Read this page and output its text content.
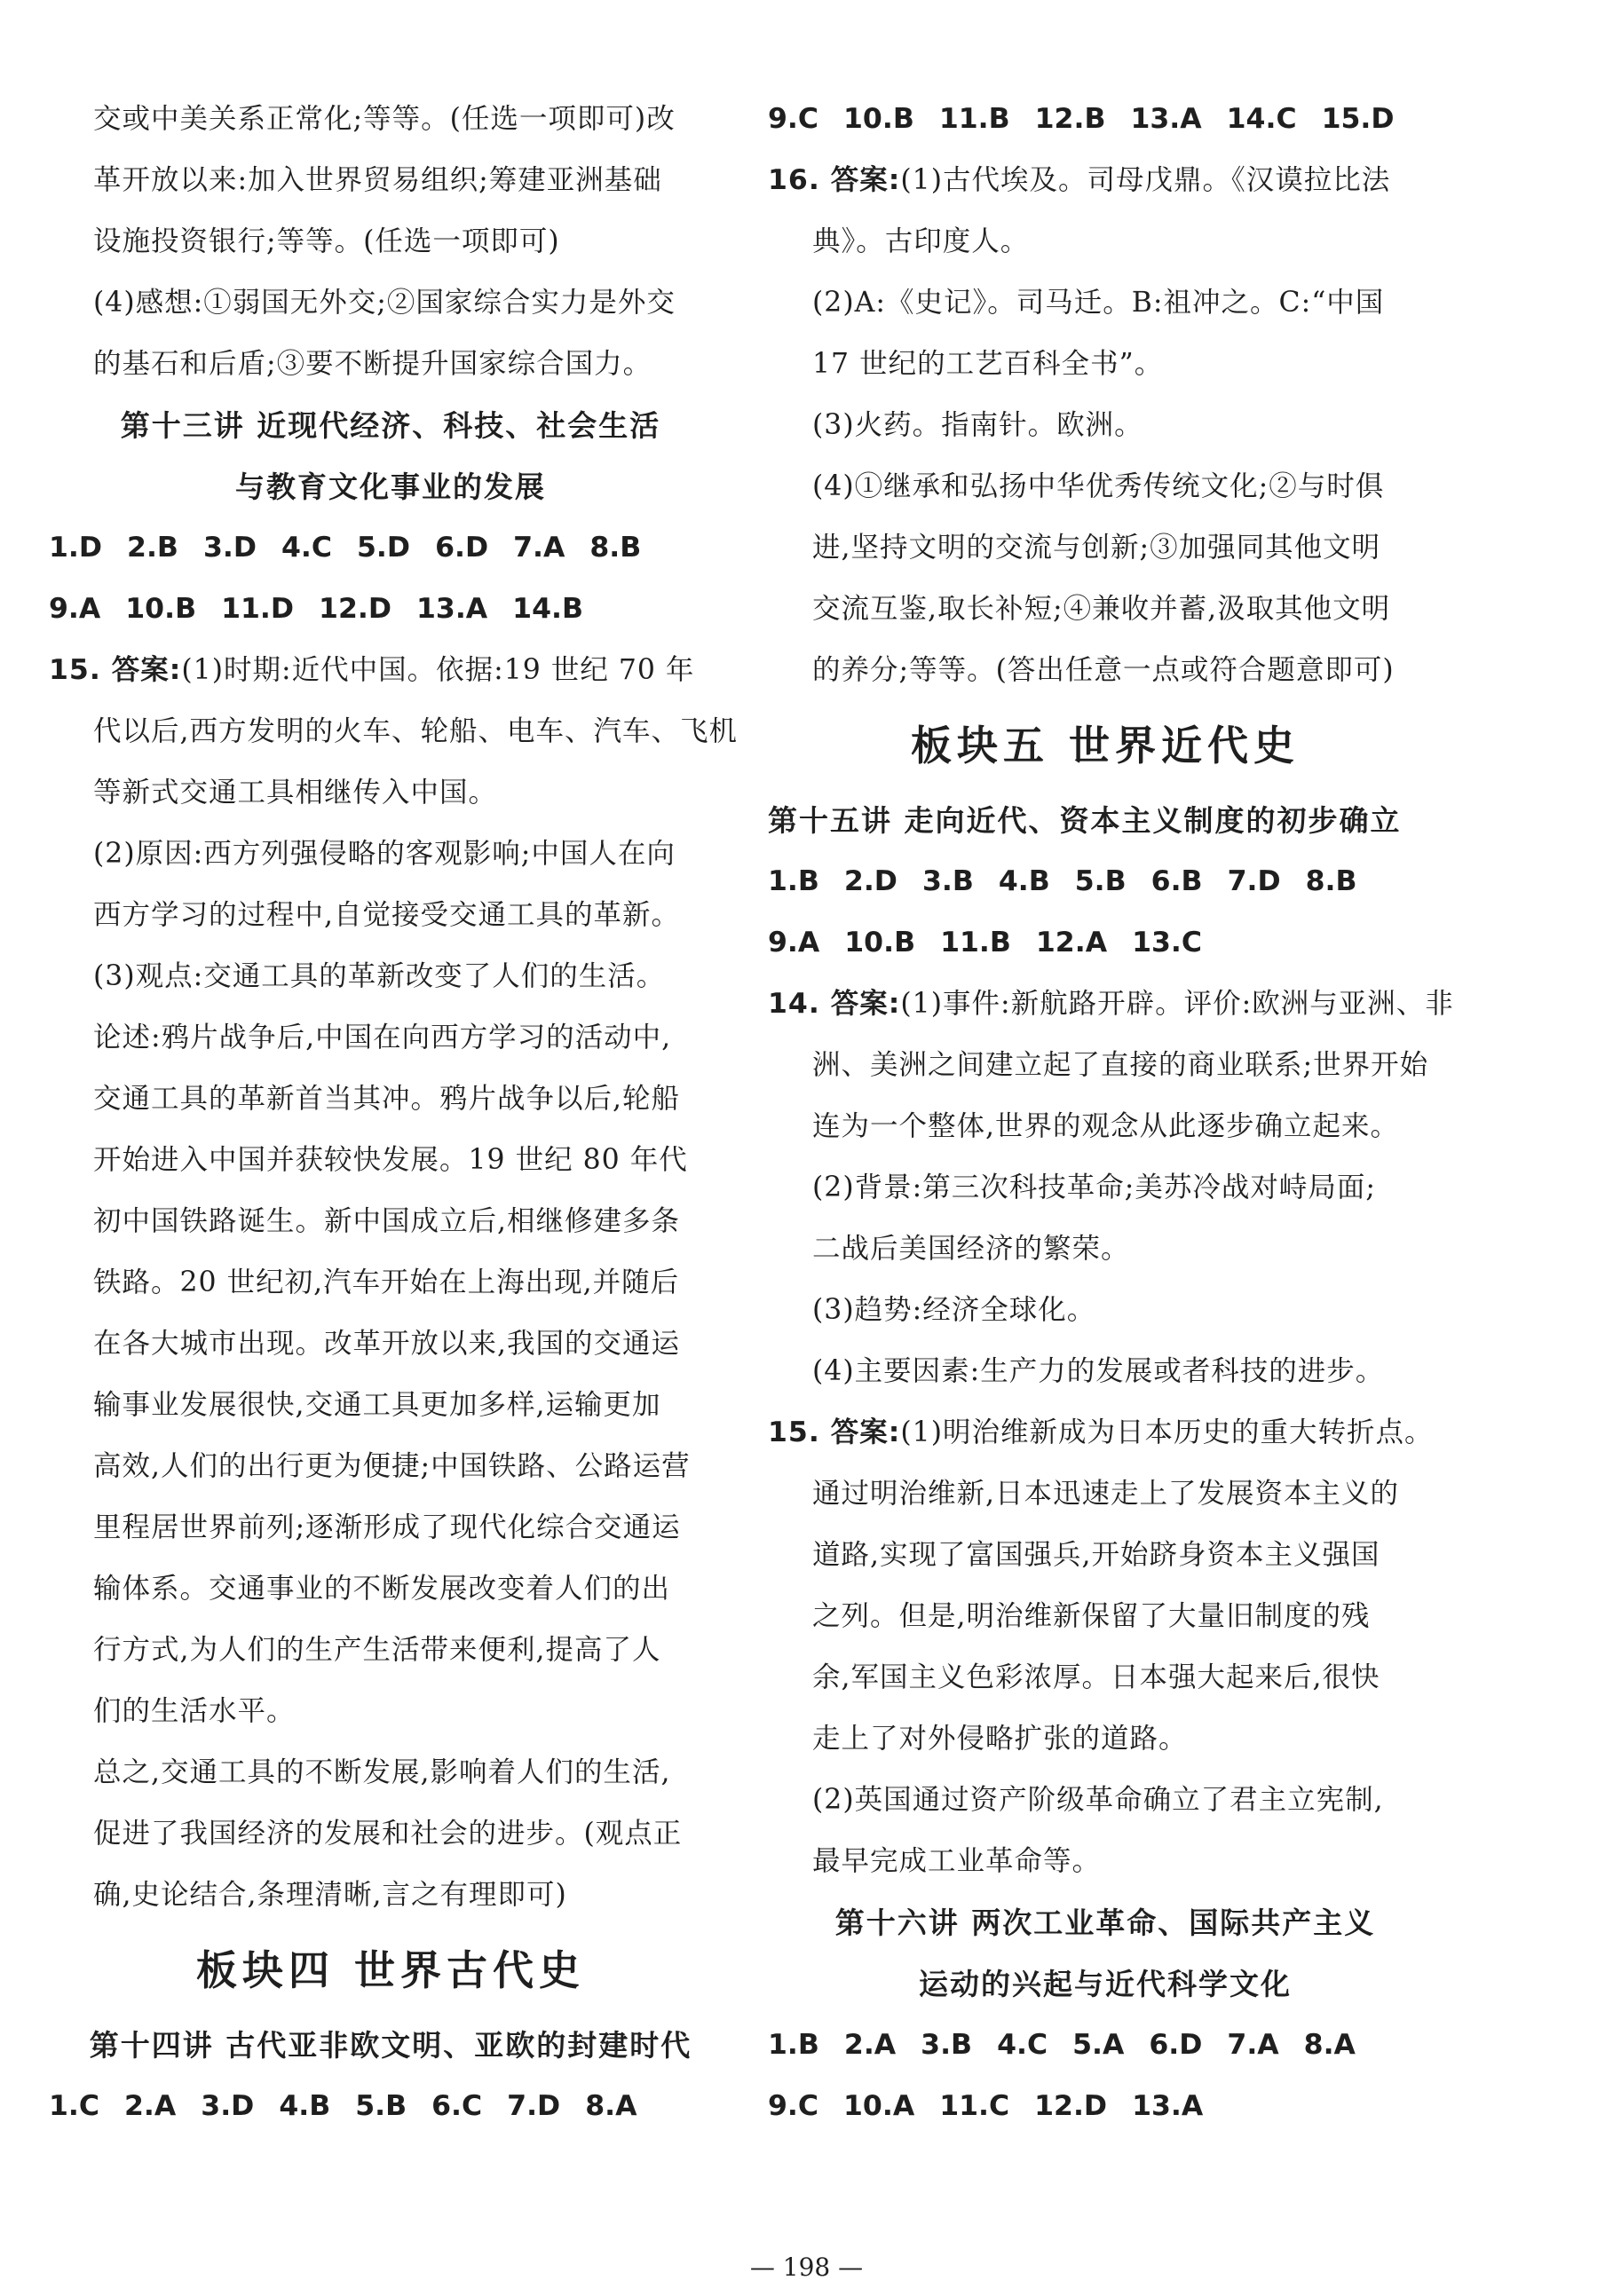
交或中美关系正常化;等等。(任选一项即可)改
革开放以来:加入世界贸易组织;筹建亚洲基础
设施投资银行;等等。(任选一项即可)
(4)感想:①弱国无外交;②国家综合实力是外交
的基石和后盾;③要不断提升国家综合国力。
第十三讲 近现代经济、科技、社会生活
与教育文化事业的发展
1.D 2.B 3.D 4.C 5.D 6.D 7.A 8.B
9.A 10.B 11.D 12.D 13.A 14.B
15. 答案:(1)时期:近代中国。依据:19 世纪 70 年
代以后,西方发明的火车、轮船、电车、汽车、飞机
等新式交通工具相继传入中国。
(2)原因:西方列强侵略的客观影响;中国人在向
西方学习的过程中,自觉接受交通工具的革新。
(3)观点:交通工具的革新改变了人们的生活。
论述:鸦片战争后,中国在向西方学习的活动中,
交通工具的革新首当其冲。鸦片战争以后,轮船
开始进入中国并获较快发展。19 世纪 80 年代
初中国铁路诞生。新中国成立后,相继修建多条
铁路。20 世纪初,汽车开始在上海出现,并随后
在各大城市出现。改革开放以来,我国的交通运
输事业发展很快,交通工具更加多样,运输更加
高效,人们的出行更为便捷;中国铁路、公路运营
里程居世界前列;逐渐形成了现代化综合交通运
输体系。交通事业的不断发展改变着人们的出
行方式,为人们的生产生活带来便利,提高了人
们的生活水平。
总之,交通工具的不断发展,影响着人们的生活,
促进了我国经济的发展和社会的进步。(观点正
确,史论结合,条理清晰,言之有理即可)
板块四 世界古代史
第十四讲 古代亚非欧文明、亚欧的封建时代
1.C 2.A 3.D 4.B 5.B 6.C 7.D 8.A
9.C 10.B 11.B 12.B 13.A 14.C 15.D
16. 答案:(1)古代埃及。司母戊鼎。《汉谟拉比法
典》。古印度人。
(2)A:《史记》。司马迁。B:祖冲之。C:“中国
17 世纪的工艺百科全书”。
(3)火药。指南针。欧洲。
(4)①继承和弘扬中华优秀传统文化;②与时俱
进,坚持文明的交流与创新;③加强同其他文明
交流互鉴,取长补短;④兼收并蓄,汲取其他文明
的养分;等等。(答出任意一点或符合题意即可)
板块五 世界近代史
第十五讲 走向近代、资本主义制度的初步确立
1.B 2.D 3.B 4.B 5.B 6.B 7.D 8.B
9.A 10.B 11.B 12.A 13.C
14. 答案:(1)事件:新航路开辟。评价:欧洲与亚洲、非
洲、美洲之间建立起了直接的商业联系;世界开始
连为一个整体,世界的观念从此逐步确立起来。
(2)背景:第三次科技革命;美苏冷战对峙局面;
二战后美国经济的繁荣。
(3)趋势:经济全球化。
(4)主要因素:生产力的发展或者科技的进步。
15. 答案:(1)明治维新成为日本历史的重大转折点。
通过明治维新,日本迅速走上了发展资本主义的
道路,实现了富国强兵,开始跻身资本主义强国
之列。但是,明治维新保留了大量旧制度的残
余,军国主义色彩浓厚。日本强大起来后,很快
走上了对外侵略扩张的道路。
(2)英国通过资产阶级革命确立了君主立宪制,
最早完成工业革命等。
第十六讲 两次工业革命、国际共产主义
运动的兴起与近代科学文化
1.B 2.A 3.B 4.C 5.A 6.D 7.A 8.A
9.C 10.A 11.C 12.D 13.A
— 198 —
